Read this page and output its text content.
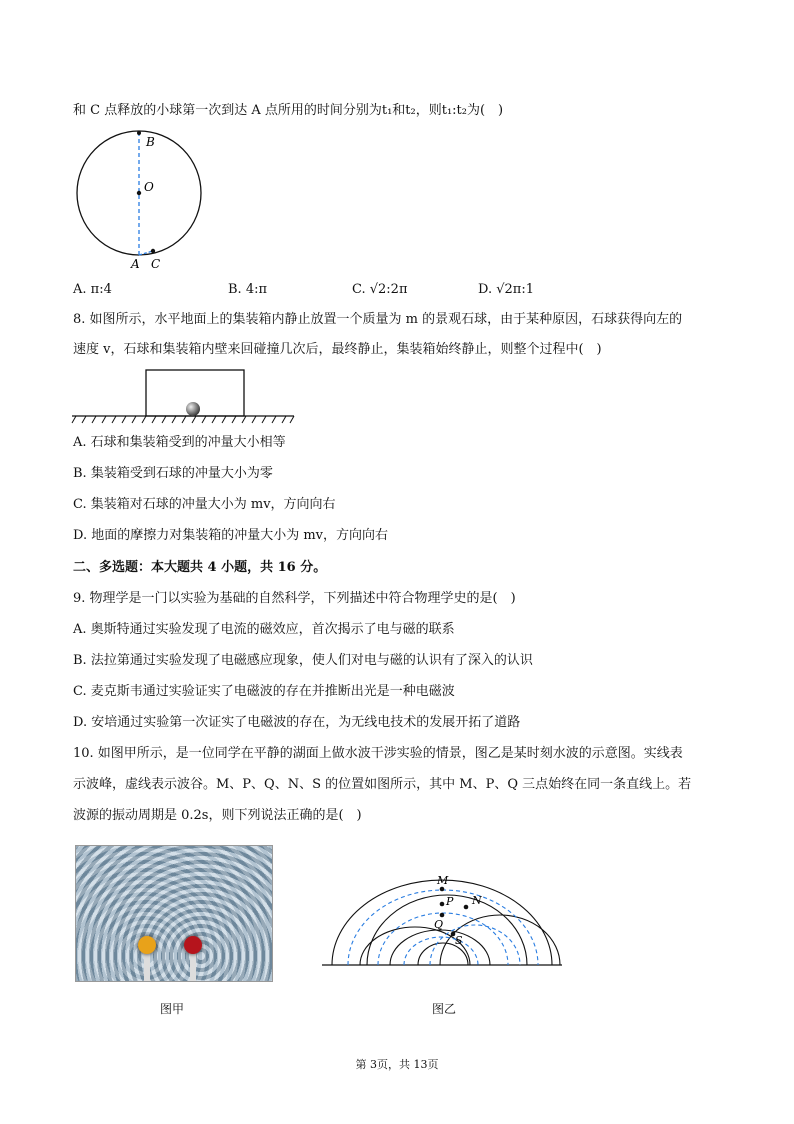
和 C 点释放的小球第一次到达 A 点所用的时间分别为t₁和t₂，则t₁:t₂为(　)
B
O
A C
A. π:4	B. 4:π	C. √2:2π	D. √2π:1
8. 如图所示，水平地面上的集装箱内静止放置一个质量为 m 的景观石球，由于某种原因，石球获得向左的
速度 v，石球和集装箱内壁来回碰撞几次后，最终静止，集装箱始终静止，则整个过程中(　)
A. 石球和集装箱受到的冲量大小相等
B. 集装箱受到石球的冲量大小为零
C. 集装箱对石球的冲量大小为 mv，方向向右
D. 地面的摩擦力对集装箱的冲量大小为 mv，方向向右
二、多选题：本大题共 4 小题，共 16 分。
9. 物理学是一门以实验为基础的自然科学，下列描述中符合物理学史的是(　)
A. 奥斯特通过实验发现了电流的磁效应，首次揭示了电与磁的联系
B. 法拉第通过实验发现了电磁感应现象，使人们对电与磁的认识有了深入的认识
C. 麦克斯韦通过实验证实了电磁波的存在并推断出光是一种电磁波
D. 安培通过实验第一次证实了电磁波的存在，为无线电技术的发展开拓了道路
10. 如图甲所示，是一位同学在平静的湖面上做水波干涉实验的情景，图乙是某时刻水波的示意图。实线表
示波峰，虚线表示波谷。M、P、Q、N、S 的位置如图所示，其中 M、P、Q 三点始终在同一条直线上。若
波源的振动周期是 0.2s，则下列说法正确的是(　)
M
P N
Q
S
图甲	图乙
第 3页，共 13页
